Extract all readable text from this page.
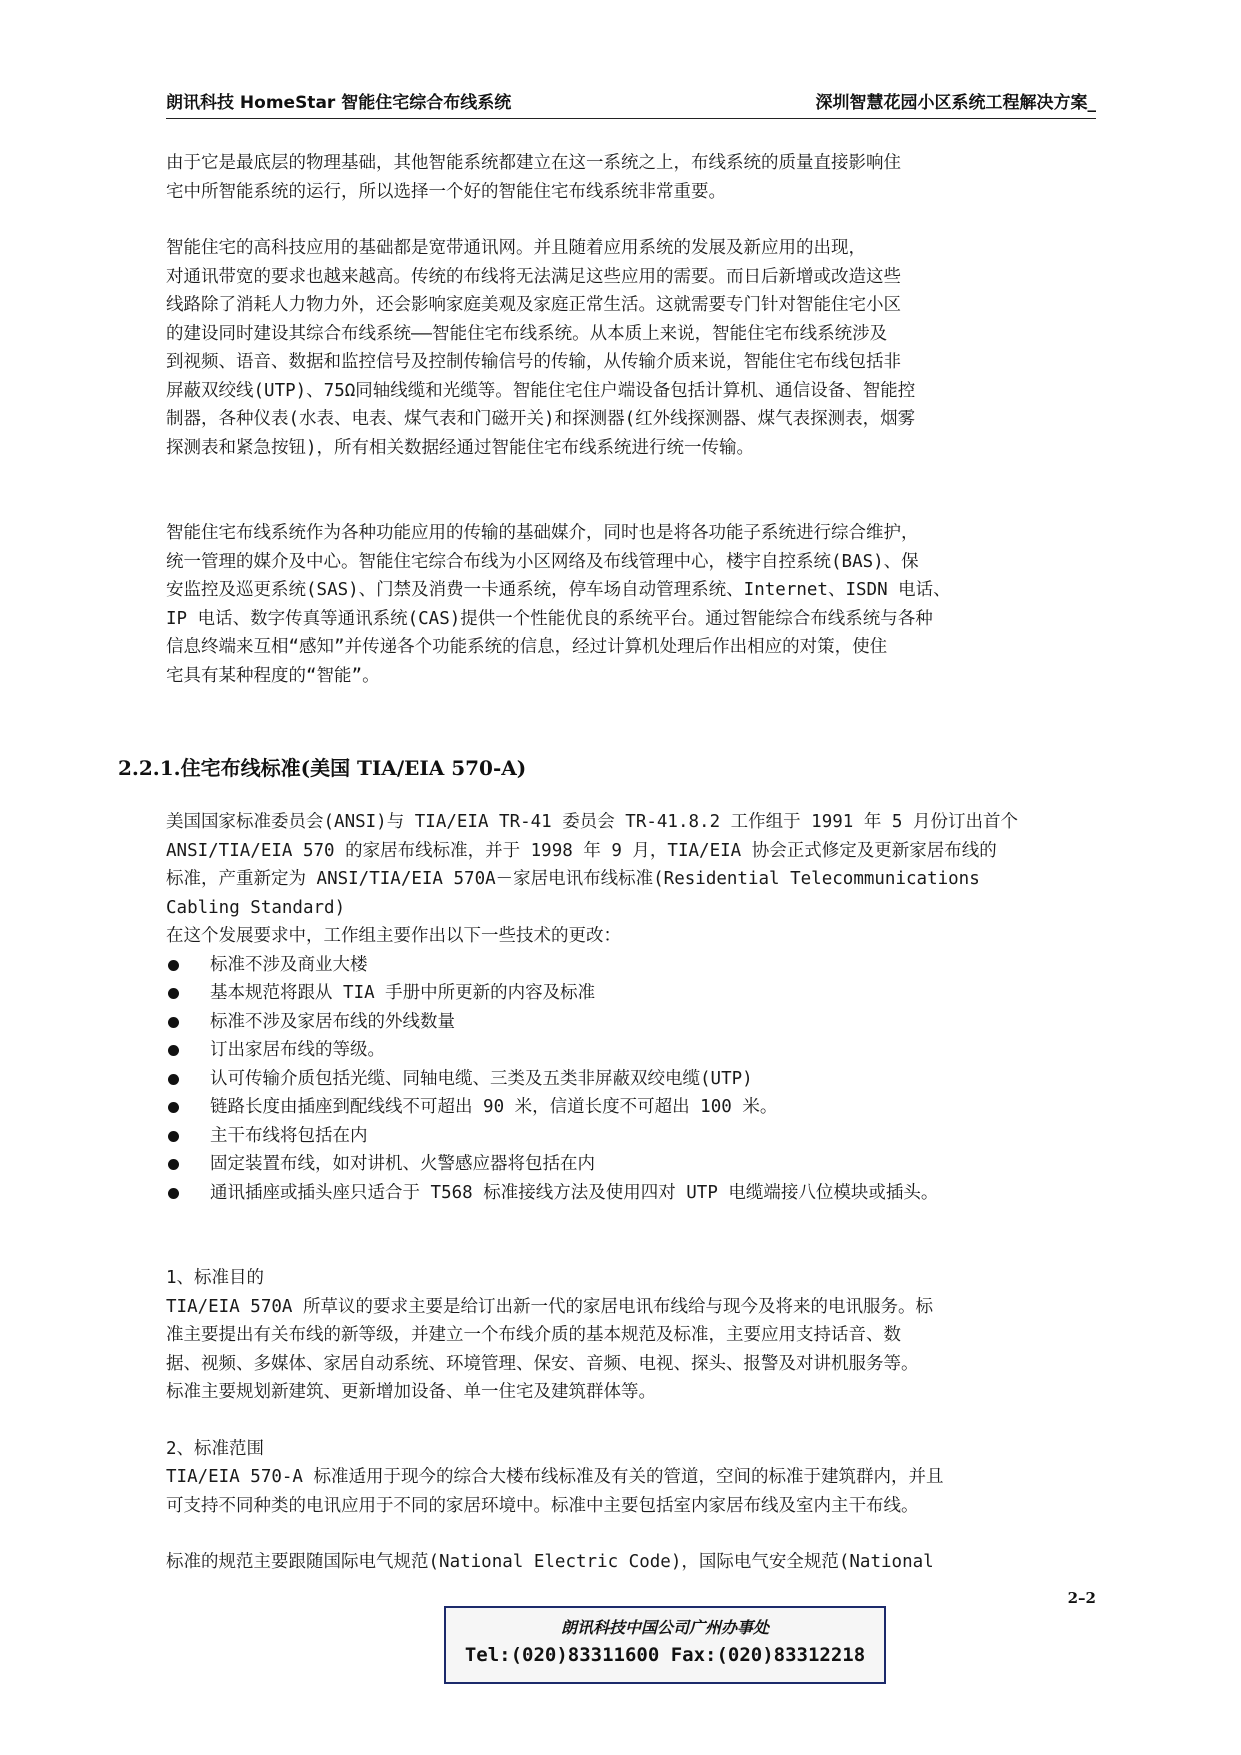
朗讯科技 HomeStar 智能住宅综合布线系统	深圳智慧花园小区系统工程解决方案_

由于它是最底层的物理基础，其他智能系统都建立在这一系统之上，布线系统的质量直接影响住
宅中所智能系统的运行，所以选择一个好的智能住宅布线系统非常重要。

智能住宅的高科技应用的基础都是宽带通讯网。并且随着应用系统的发展及新应用的出现，
对通讯带宽的要求也越来越高。传统的布线将无法满足这些应用的需要。而日后新增或改造这些
线路除了消耗人力物力外，还会影响家庭美观及家庭正常生活。这就需要专门针对智能住宅小区
的建设同时建设其综合布线系统——智能住宅布线系统。从本质上来说，智能住宅布线系统涉及
到视频、语音、数据和监控信号及控制传输信号的传输，从传输介质来说，智能住宅布线包括非
屏蔽双绞线(UTP)、75Ω同轴线缆和光缆等。智能住宅住户端设备包括计算机、通信设备、智能控
制器，各种仪表(水表、电表、煤气表和门磁开关)和探测器(红外线探测器、煤气表探测表，烟雾
探测表和紧急按钮)，所有相关数据经通过智能住宅布线系统进行统一传输。

智能住宅布线系统作为各种功能应用的传输的基础媒介，同时也是将各功能子系统进行综合维护，
统一管理的媒介及中心。智能住宅综合布线为小区网络及布线管理中心，楼宇自控系统(BAS)、保
安监控及巡更系统(SAS)、门禁及消费一卡通系统，停车场自动管理系统、Internet、ISDN 电话、
IP 电话、数字传真等通讯系统(CAS)提供一个性能优良的系统平台。通过智能综合布线系统与各种
信息终端来互相“感知”并传递各个功能系统的信息，经过计算机处理后作出相应的对策，使住
宅具有某种程度的“智能”。

2.2.1.住宅布线标准(美国 TIA/EIA 570-A)

美国国家标准委员会(ANSI)与 TIA/EIA TR-41 委员会 TR-41.8.2 工作组于 1991 年 5 月份订出首个
ANSI/TIA/EIA 570 的家居布线标准，并于 1998 年 9 月，TIA/EIA 协会正式修定及更新家居布线的
标准，产重新定为 ANSI/TIA/EIA 570A－家居电讯布线标准(Residential Telecommunications
Cabling Standard)
在这个发展要求中，工作组主要作出以下一些技术的更改：

标准不涉及商业大楼
基本规范将跟从 TIA 手册中所更新的内容及标准
标准不涉及家居布线的外线数量
订出家居布线的等级。
认可传输介质包括光缆、同轴电缆、三类及五类非屏蔽双绞电缆(UTP)
链路长度由插座到配线线不可超出 90 米，信道长度不可超出 100 米。
主干布线将包括在内
固定装置布线，如对讲机、火警感应器将包括在内
通讯插座或插头座只适合于 T568 标准接线方法及使用四对 UTP 电缆端接八位模块或插头。

1、标准目的
TIA/EIA 570A 所草议的要求主要是给订出新一代的家居电讯布线给与现今及将来的电讯服务。标
准主要提出有关布线的新等级，并建立一个布线介质的基本规范及标准，主要应用支持话音、数
据、视频、多媒体、家居自动系统、环境管理、保安、音频、电视、探头、报警及对讲机服务等。
标准主要规划新建筑、更新增加设备、单一住宅及建筑群体等。

2、标准范围
TIA/EIA 570-A 标准适用于现今的综合大楼布线标准及有关的管道，空间的标准于建筑群内，并且
可支持不同种类的电讯应用于不同的家居环境中。标准中主要包括室内家居布线及室内主干布线。

标准的规范主要跟随国际电气规范(National Electric Code)，国际电气安全规范(National

2–2
朗讯科技中国公司广州办事处
Tel:(020)83311600 Fax:(020)83312218
